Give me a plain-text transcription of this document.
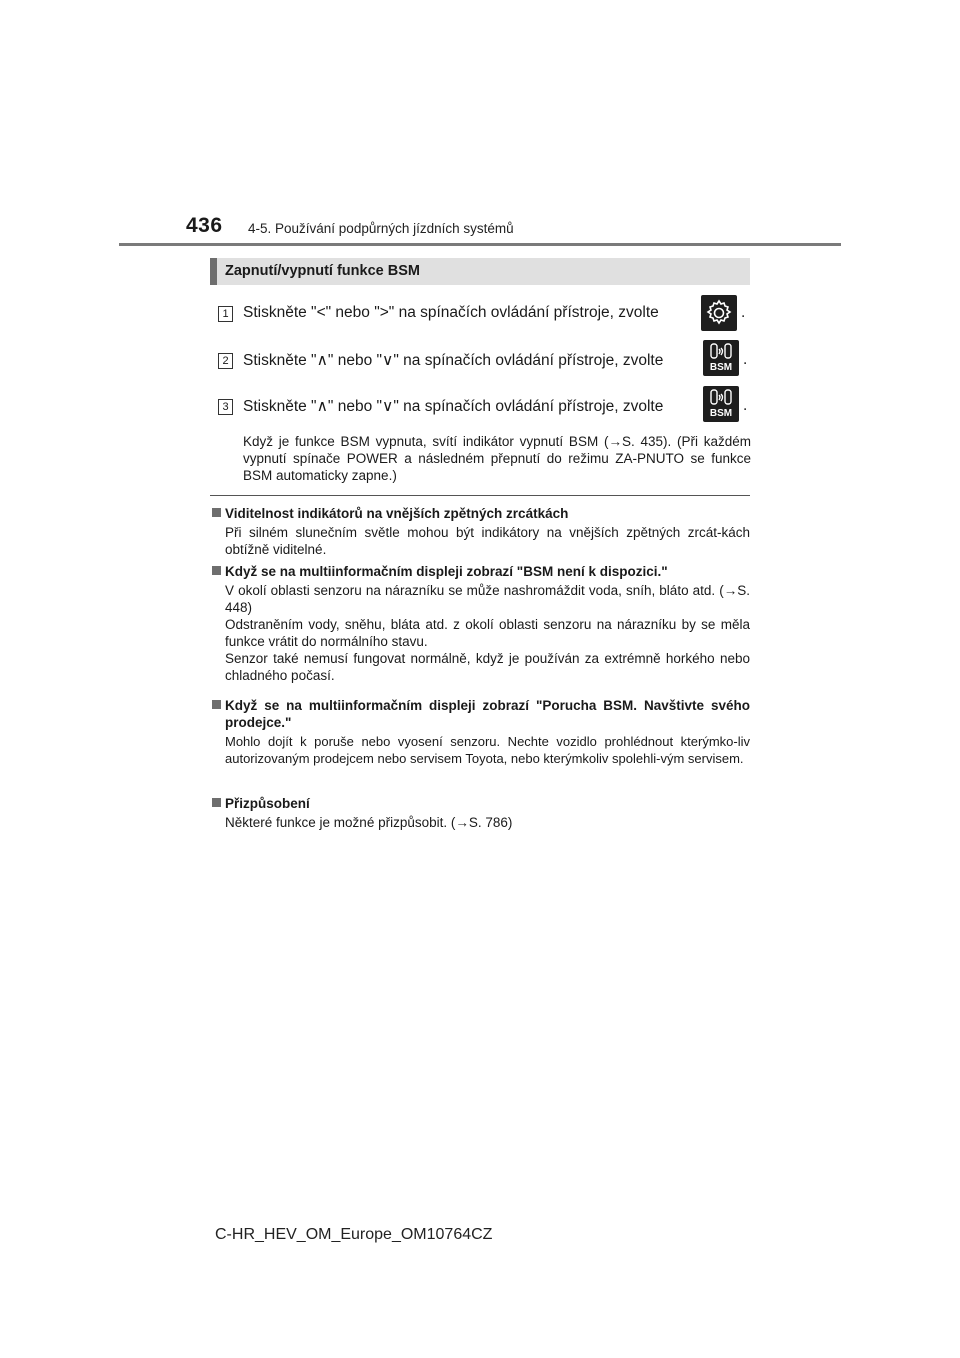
436 4-5. Používání podpůrných jízdních systémů
Zapnutí/vypnutí funkce BSM
1 Stiskněte "<" nebo ">" na spínačích ovládání přístroje, zvolte	.
2 Stiskněte "∧" nebo "∨" na spínačích ovládání přístroje, zvolte	BSM .
3 Stiskněte "∧" nebo "∨" na spínačích ovládání přístroje, zvolte	BSM .
Když je funkce BSM vypnuta, svítí indikátor vypnutí BSM (→S. 435). (Při každém vypnutí spínače POWER a následném přepnutí do režimu ZA-PNUTO se funkce BSM automaticky zapne.)
Viditelnost indikátorů na vnějších zpětných zrcátkách

Při silném slunečním světle mohou být indikátory na vnějších zpětných zrcát-kách obtížně viditelné.

Když se na multiinformačním displeji zobrazí "BSM není k dispozici."

V okolí oblasti senzoru na nárazníku se může nashromáždit voda, sníh, bláto atd. (→S. 448)

Odstraněním vody, sněhu, bláta atd. z okolí oblasti senzoru na nárazníku by se měla funkce vrátit do normálního stavu.

Senzor také nemusí fungovat normálně, když je používán za extrémně horkého nebo chladného počasí.

Když se na multiinformačním displeji zobrazí "Porucha BSM. Navštivte svého prodejce."

Mohlo dojít k poruše nebo vyosení senzoru. Nechte vozidlo prohlédnout kterýmko-liv autorizovaným prodejcem nebo servisem Toyota, nebo kterýmkoliv spolehli-vým servisem.

Přizpůsobení

Některé funkce je možné přizpůsobit. (→S. 786)

C-HR_HEV_OM_Europe_OM10764CZ
